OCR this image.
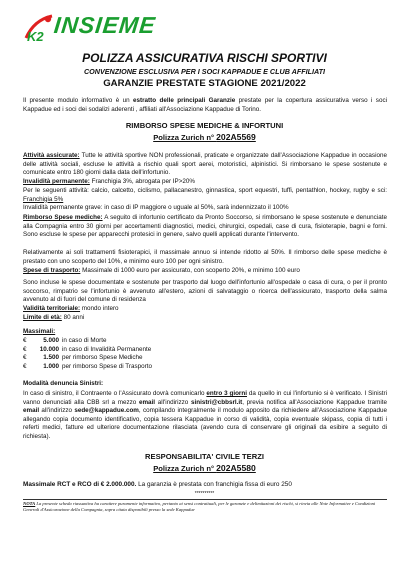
K2 INSIEME
POLIZZA ASSICURATIVA RISCHI SPORTIVI
CONVENZIONE ESCLUSIVA PER I SOCI KAPPADUE E CLUB AFFILIATI
GARANZIE PRESTATE STAGIONE 2021/2022
Il presente modulo informativo è un estratto delle principali Garanzie prestate per la copertura assicurativa verso i soci Kappadue ed i soci dei sodalizi aderenti , affiliati all'Associazione Kappadue di Torino.
RIMBORSO SPESE MEDICHE & INFORTUNI
Polizza Zurich n° 202A5569
Attività assicurate: Tutte le attività sportive NON professionali, praticate e organizzate dall'Associazione Kappadue in occasione delle attività sociali, escluse le attività a rischio quali sport aerei, motoristici, alpinistici. Si rimborsano le spese sostenute e comunicate entro 180 giorni dalla data dell'infortunio.
Invalidità permanente: Franchigia 3%, abrogata per IP>20%
Per le seguenti attività: calcio, calcetto, ciclismo, pallacanestro, ginnastica, sport equestri, tuffi, pentathlon, hockey, rugby e sci: Franchigia 5%
Invalidità permanente grave: in caso di IP maggiore o uguale al 50%, sarà indennizzato il 100%
Rimborso Spese mediche: A seguito di infortunio certificato da Pronto Soccorso, si rimborsano le spese sostenute e denunciate alla Compagnia entro 30 giorni per accertamenti diagnostici, medici, chirurgici, ospedali, case di cura, fisioterapie, bagni e forni. Sono escluse le spese per apparecchi protesici in genere, salvo quelli applicati durante l'intervento.
Relativamente ai soli trattamenti fisioterapici, il massimale annuo si intende ridotto al 50%. Il rimborso delle spese mediche è prestato con uno scoperto del 10%, e minimo euro 100 per ogni sinistro.
Spese di trasporto: Massimale di 1000 euro per assicurato, con scoperto 20%, e minimo 100 euro
Sono incluse le spese documentate e sostenute per trasporto dal luogo dell'infortunio all'ospedale o casa di cura, o per il pronto soccorso, rimpatrio se l'infortunio è avvenuto all'estero, azioni di salvataggio o ricerca dell'assicurato, trasporto della salma avvenuto al di fuori del comune di residenza
Validità territoriale: mondo intero
Limite di età: 80 anni
Massimali:
€	5.000 in caso di Morte
€ 10.000 in caso di Invalidità Permanente
€	1.500 per rimborso Spese Mediche
€	1.000 per rimborso Spese di Trasporto
Modalità denuncia Sinistri:
In caso di sinistro, il Contraente o l'Assicurato dovrà comunicarlo entro 3 giorni da quello in cui l'infortunio si è verificato. I Sinistri vanno denunciati alla CBB srl a mezzo email all'indirizzo sinistri@cbbsrl.it, previa notifica all'Associazione Kappadue tramite email all'indirizzo sede@kappadue.com, compilando integralmente il modulo apposito da richiedere all'Associazione Kappadue allegando copia documento identificativo, copia tessera Kappadue in corso di validità, copia eventuale skipass, copia di tutti i referti medici, fatture ed ulteriore documentazione rilasciata (avendo cura di conservare gli originali da esibire a seguito di richiesta).
RESPONSABILITA' CIVILE TERZI
Polizza Zurich n° 202A5580
Massimale RCT e RCO di € 2.000.000. La garanzia è prestata con franchigia fissa di euro 250
**********
NOTA La presente scheda riassuntiva ha carattere puramente informativo, pertanto ai sensi contrattuali, per le garanzie e delimitazioni dei rischi, si rinvia alle Note Informative e Condizioni Generali d'Assicurazione della Compagnia, sopra citata disponibili presso la sede Kappadue
